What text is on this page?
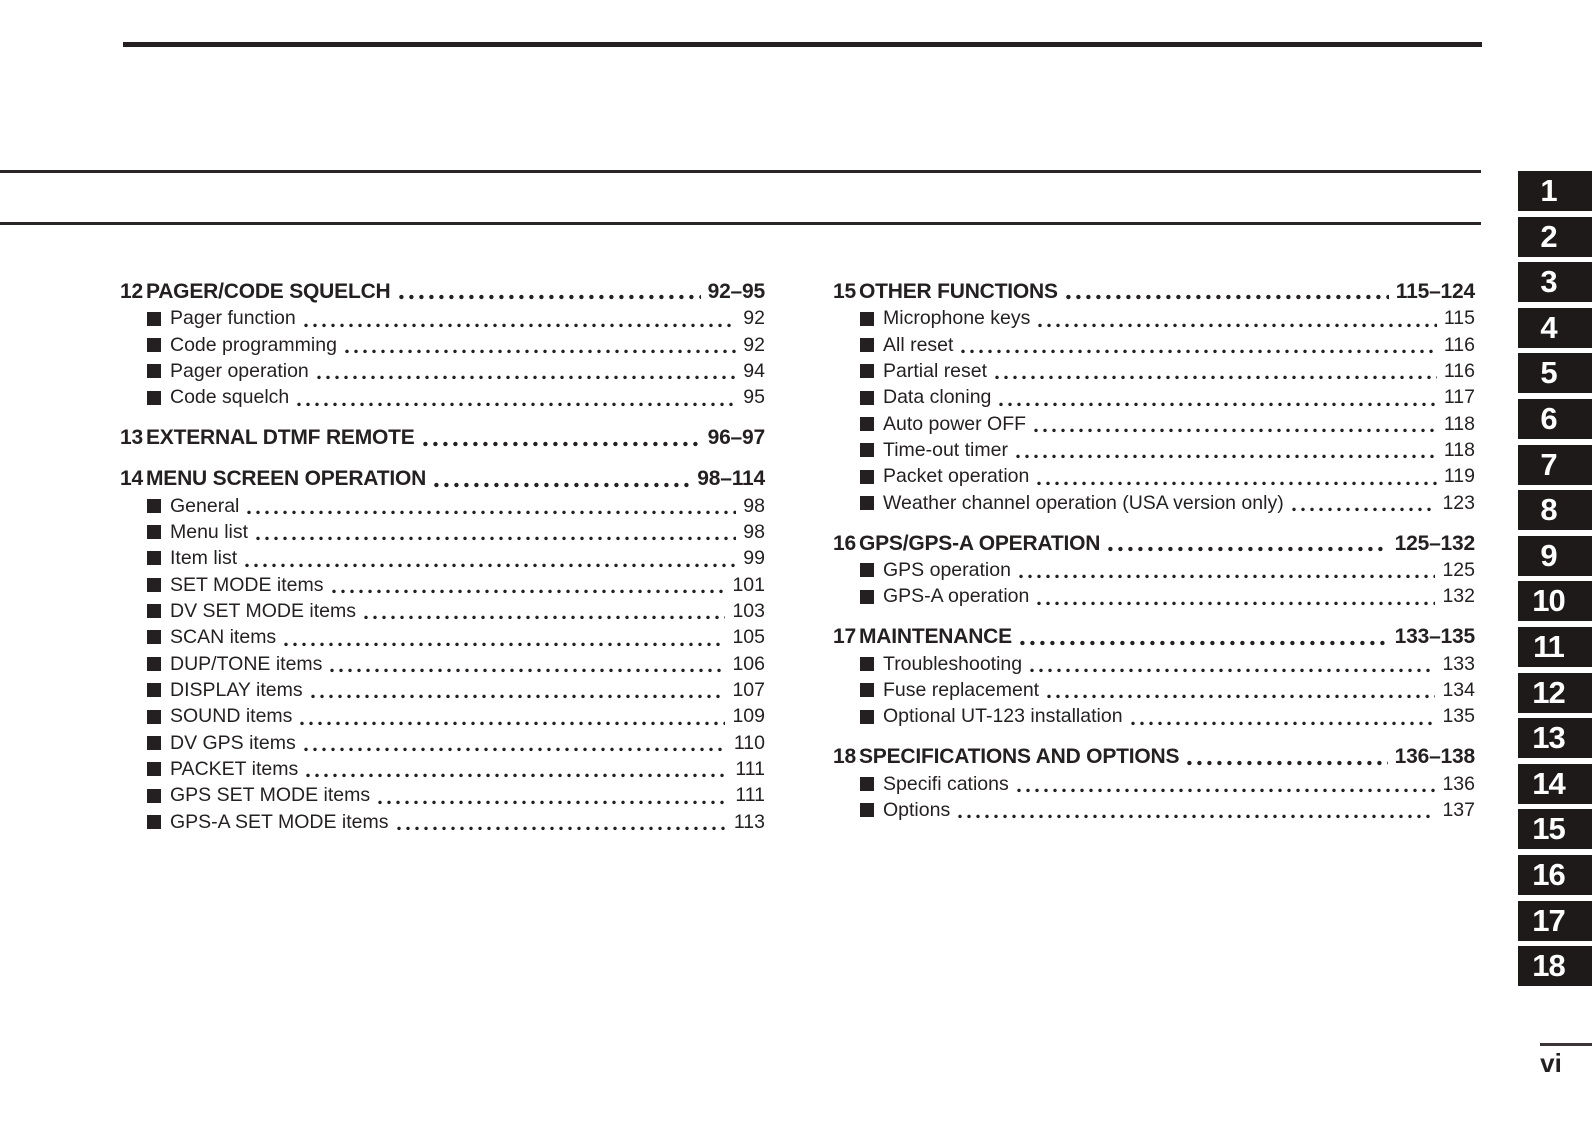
12 PAGER/CODE SQUELCH	92–95
Pager function	92
Code programming	92
Pager operation	94
Code squelch	95
13 EXTERNAL DTMF REMOTE	96–97
14 MENU SCREEN OPERATION	98–114
General	98
Menu list	98
Item list	99
SET MODE items	101
DV SET MODE items	103
SCAN items	105
DUP/TONE items	106
DISPLAY items	107
SOUND items	109
DV GPS items	110
PACKET items	111
GPS SET MODE items	111
GPS-A SET MODE items	113
15 OTHER FUNCTIONS	115–124
Microphone keys	115
All reset	116
Partial reset	116
Data cloning	117
Auto power OFF	118
Time-out timer	118
Packet operation	119
Weather channel operation (USA version only)	123
16 GPS/GPS-A OPERATION	125–132
GPS operation	125
GPS-A operation	132
17 MAINTENANCE	133–135
Troubleshooting	133
Fuse replacement	134
Optional UT-123 installation	135
18 SPECIFICATIONS AND OPTIONS	136–138
Specifi cations	136
Options	137
1
2
3
4
5
6
7
8
9
10
11
12
13
14
15
16
17
18
vi
